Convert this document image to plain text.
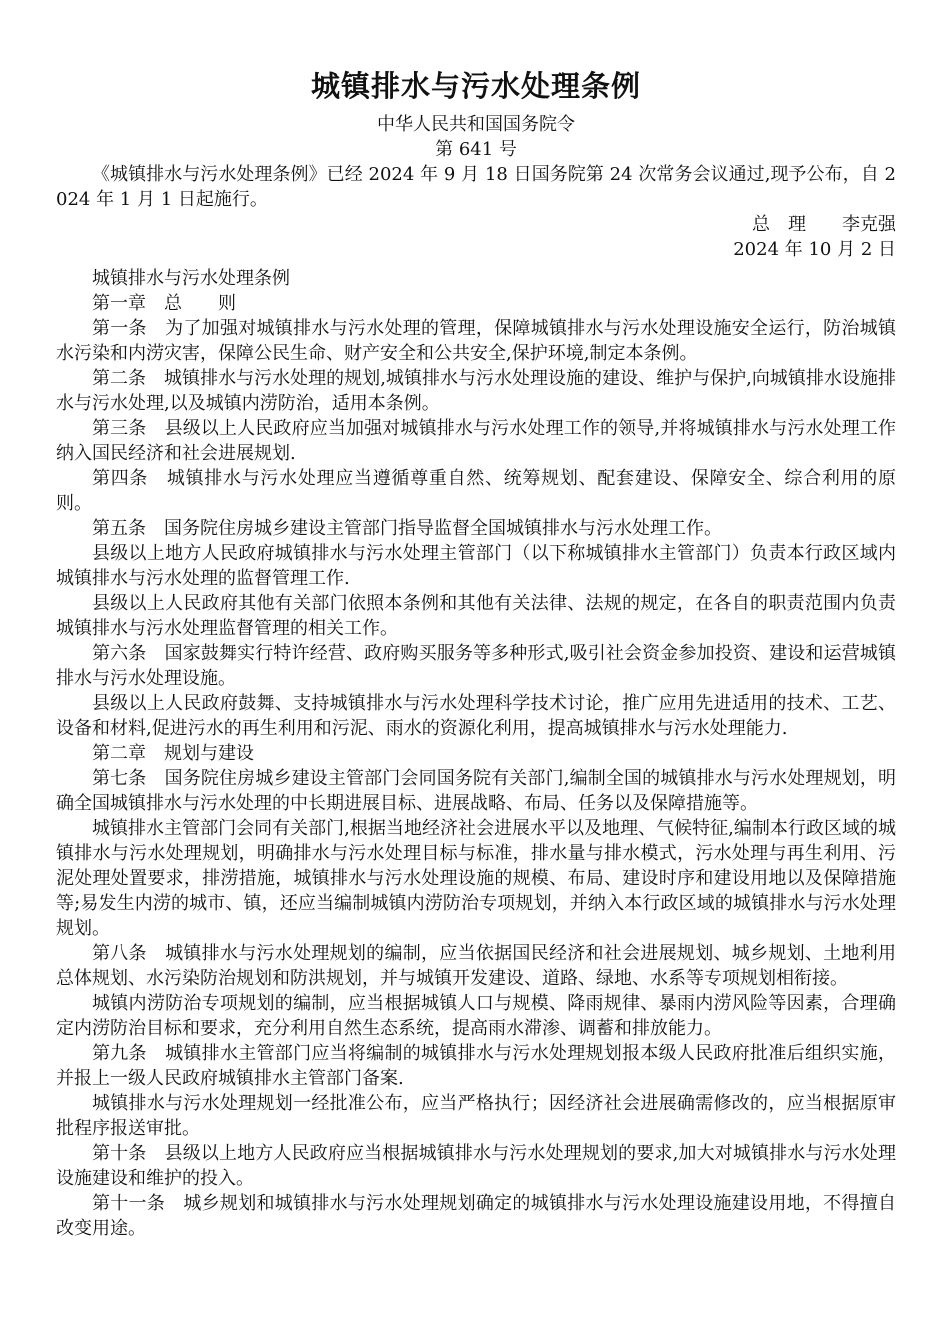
城镇排水与污水处理条例

中华人民共和国国务院令

第 641 号

《城镇排水与污水处理条例》已经 2024 年 9 月 18 日国务院第 24 次常务会议通过,现予公布，自 2024 年 1 月 1 日起施行。

总　理　　李克强

2024 年 10 月 2 日

城镇排水与污水处理条例

第一章　总　　则

第一条　为了加强对城镇排水与污水处理的管理，保障城镇排水与污水处理设施安全运行，防治城镇水污染和内涝灾害，保障公民生命、财产安全和公共安全,保护环境,制定本条例。

第二条　城镇排水与污水处理的规划,城镇排水与污水处理设施的建设、维护与保护,向城镇排水设施排水与污水处理,以及城镇内涝防治，适用本条例。

第三条　县级以上人民政府应当加强对城镇排水与污水处理工作的领导,并将城镇排水与污水处理工作纳入国民经济和社会进展规划.

第四条　城镇排水与污水处理应当遵循尊重自然、统筹规划、配套建设、保障安全、综合利用的原则。

第五条　国务院住房城乡建设主管部门指导监督全国城镇排水与污水处理工作。

县级以上地方人民政府城镇排水与污水处理主管部门（以下称城镇排水主管部门）负责本行政区域内城镇排水与污水处理的监督管理工作.

县级以上人民政府其他有关部门依照本条例和其他有关法律、法规的规定，在各自的职责范围内负责城镇排水与污水处理监督管理的相关工作。

第六条　国家鼓舞实行特许经营、政府购买服务等多种形式,吸引社会资金参加投资、建设和运营城镇排水与污水处理设施。

县级以上人民政府鼓舞、支持城镇排水与污水处理科学技术讨论，推广应用先进适用的技术、工艺、设备和材料,促进污水的再生利用和污泥、雨水的资源化利用，提高城镇排水与污水处理能力.

第二章　规划与建设

第七条　国务院住房城乡建设主管部门会同国务院有关部门,编制全国的城镇排水与污水处理规划，明确全国城镇排水与污水处理的中长期进展目标、进展战略、布局、任务以及保障措施等。

城镇排水主管部门会同有关部门,根据当地经济社会进展水平以及地理、气候特征,编制本行政区域的城镇排水与污水处理规划，明确排水与污水处理目标与标准，排水量与排水模式，污水处理与再生利用、污泥处理处置要求，排涝措施，城镇排水与污水处理设施的规模、布局、建设时序和建设用地以及保障措施等;易发生内涝的城市、镇，还应当编制城镇内涝防治专项规划，并纳入本行政区域的城镇排水与污水处理规划。

第八条　城镇排水与污水处理规划的编制，应当依据国民经济和社会进展规划、城乡规划、土地利用总体规划、水污染防治规划和防洪规划，并与城镇开发建设、道路、绿地、水系等专项规划相衔接。

城镇内涝防治专项规划的编制，应当根据城镇人口与规模、降雨规律、暴雨内涝风险等因素，合理确定内涝防治目标和要求，充分利用自然生态系统，提高雨水滞渗、调蓄和排放能力。

第九条　城镇排水主管部门应当将编制的城镇排水与污水处理规划报本级人民政府批准后组织实施，并报上一级人民政府城镇排水主管部门备案.

城镇排水与污水处理规划一经批准公布，应当严格执行；因经济社会进展确需修改的，应当根据原审批程序报送审批。

第十条　县级以上地方人民政府应当根据城镇排水与污水处理规划的要求,加大对城镇排水与污水处理设施建设和维护的投入。

第十一条　城乡规划和城镇排水与污水处理规划确定的城镇排水与污水处理设施建设用地，不得擅自改变用途。
